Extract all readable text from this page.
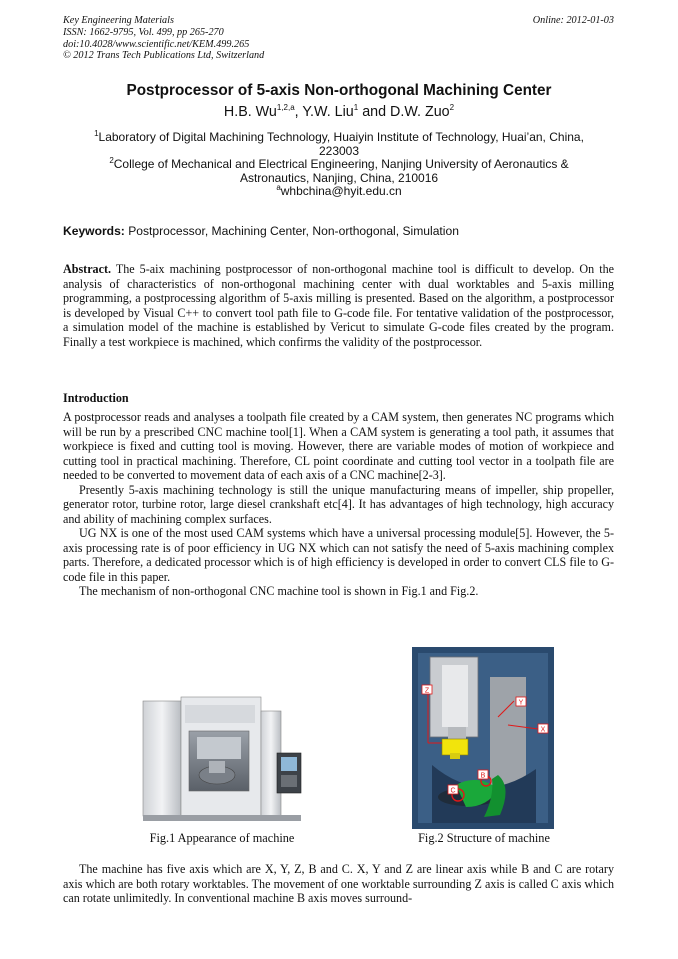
Key Engineering Materials
ISSN: 1662-9795, Vol. 499, pp 265-270
doi:10.4028/www.scientific.net/KEM.499.265
© 2012 Trans Tech Publications Ltd, Switzerland
Online: 2012-01-03
Postprocessor of 5-axis Non-orthogonal Machining Center
H.B. Wu$^{1,2,a}$, Y.W. Liu$^1$ and D.W. Zuo$^2$
$^1$Laboratory of Digital Machining Technology, Huaiyin Institute of Technology, Huai’an, China, 223003
$^2$College of Mechanical and Electrical Engineering, Nanjing University of Aeronautics & Astronautics, Nanjing, China, 210016
$^a$whbchina@hyit.edu.cn
Keywords: Postprocessor, Machining Center, Non-orthogonal, Simulation
Abstract. The 5-aix machining postprocessor of non-orthogonal machine tool is difficult to develop. On the analysis of characteristics of non-orthogonal machining center with dual worktables and 5-axis milling programming, a postprocessing algorithm of 5-axis milling is presented. Based on the algorithm, a postprocessor is developed by Visual C++ to convert tool path file to G-code file. For tentative validation of the postprocessor, a simulation model of the machine is established by Vericut to simulate G-code files created by the program. Finally a test workpiece is machined, which confirms the validity of the postprocessor.
Introduction
A postprocessor reads and analyses a toolpath file created by a CAM system, then generates NC programs which will be run by a prescribed CNC machine tool[1]. When a CAM system is generating a tool path, it assumes that workpiece is fixed and cutting tool is moving. However, there are variable modes of motion of workpiece and cutting tool in practical machining. Therefore, CL point coordinate and cutting tool vector in a toolpath file are needed to be converted to movement data of each axis of a CNC machine[2-3].
Presently 5-axis machining technology is still the unique manufacturing means of impeller, ship propeller, generator rotor, turbine rotor, large diesel crankshaft etc[4]. It has advantages of high technology, high accuracy and ability of machining complex surfaces.
UG NX is one of the most used CAM systems which have a universal processing module[5]. However, the 5-axis processing rate is of poor efficiency in UG NX which can not satisfy the need of 5-axis machining complex parts. Therefore, a dedicated processor which is of high efficiency is developed in order to convert CLS file to G-code file in this paper.
The mechanism of non-orthogonal CNC machine tool is shown in Fig.1 and Fig.2.
Z
Y
X
C
B
Fig.1 Appearance of machine	Fig.2 Structure of machine
The machine has five axis which are X, Y, Z, B and C. X, Y and Z are linear axis while B and C are rotary axis which are both rotary worktables. The movement of one worktable surrounding Z axis is called C axis which can rotate unlimitedly. In conventional machine B axis moves surround-
